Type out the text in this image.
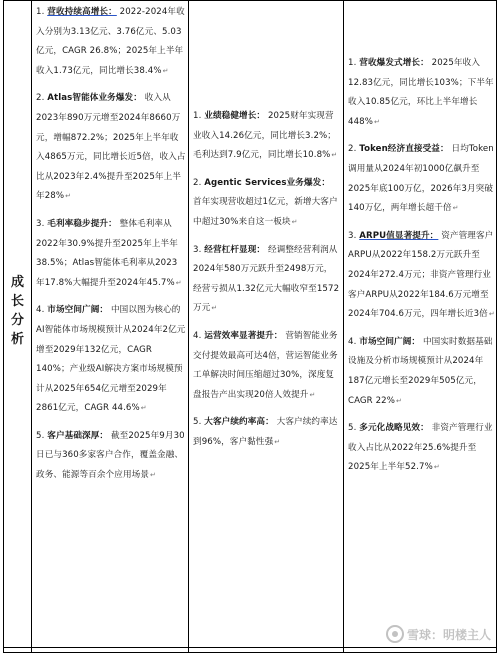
成
长
分
析
1. 营收持续高增长： 2022-2024年收入分别为3.13亿元、3.76亿元、5.03亿元，CAGR 26.8%；2025年上半年收入1.73亿元，同比增长38.4%↵
2. Atlas智能体业务爆发： 收入从2023年890万元增至2024年8660万元，增幅872.2%；2025年上半年收入4865万元，同比增长近5倍，收入占比从2023年2.4%提升至2025年上半年28%↵
3. 毛利率稳步提升： 整体毛利率从2022年30.9%提升至2025年上半年38.5%；Atlas智能体毛利率从2023年17.8%大幅提升至2024年45.7%↵
4. 市场空间广阔： 中国以图为核心的AI智能体市场规模预计从2024年2亿元增至2029年132亿元，CAGR 140%；产业级AI解决方案市场规模预计从2025年654亿元增至2029年2861亿元，CAGR 44.6%↵
5. 客户基础深厚： 截至2025年9月30日已与360多家客户合作，覆盖金融、政务、能源等百余个应用场景↵
1. 业绩稳健增长： 2025财年实现营业收入14.26亿元，同比增长3.2%；毛利达到7.9亿元，同比增长10.8%↵
2. Agentic Services业务爆发： 首年实现营收超过1亿元，新增大客户中超过30%来自这一板块↵
3. 经营杠杆显现： 经调整经营利润从2024年580万元跃升至2498万元，经营亏损从1.32亿元大幅收窄至1572万元↵
4. 运营效率显著提升： 营销智能业务交付提效最高可达4倍，营运智能业务工单解决时间压缩超过30%，深度复盘报告产出实现20倍人效提升↵
5. 大客户续约率高： 大客户续约率达到96%，客户黏性强↵
1. 营收爆发式增长： 2025年收入12.83亿元，同比增长103%；下半年收入10.85亿元，环比上半年增长448%↵
2. Token经济直接受益： 日均Token调用量从2024年初1000亿飙升至2025年底100万亿，2026年3月突破140万亿，两年增长超千倍↵
3. ARPU值显著提升： 资产管理客户ARPU从2022年158.2万元跃升至2024年272.4万元；非资产管理行业客户ARPU从2022年184.6万元增至2024年704.6万元，四年增长近3倍↵
4. 市场空间广阔： 中国实时数据基础设施及分析市场规模预计从2024年187亿元增长至2029年505亿元，CAGR 22%↵
5. 多元化战略见效： 非资产管理行业收入占比从2022年25.6%提升至2025年上半年52.7%↵
雪球：明楼主人
